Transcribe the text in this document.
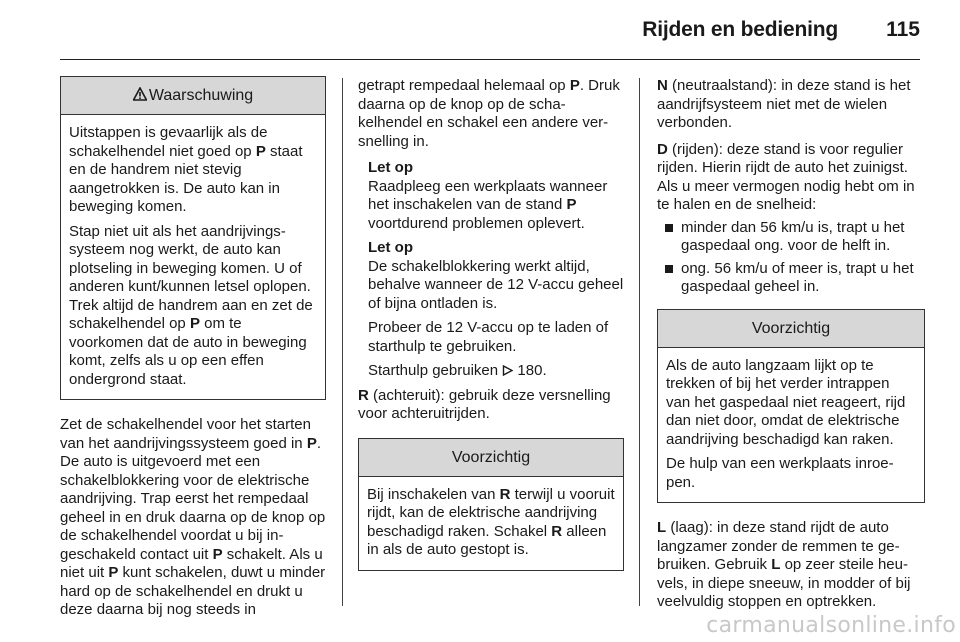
Rijden en bediening 115
Waarschuwing

Uitstappen is gevaarlijk als de schakelhendel niet goed op P staat en de handrem niet stevig aangetrokken is. De auto kan in beweging komen.

Stap niet uit als het aandrijvingssysteem nog werkt, de auto kan plotseling in beweging komen. U of anderen kunt/kunnen letsel oplopen. Trek altijd de handrem aan en zet de schakelhendel op P om te voorkomen dat de auto in beweging komt, zelfs als u op een effen ondergrond staat.

Zet de schakelhendel voor het starten van het aandrijvingssysteem goed in P. De auto is uitgevoerd met een schakelblokkering voor de elektrische aandrijving. Trap eerst het rempedaal geheel in en druk daarna op de knop op de schakelhendel voordat u bij ingeschakeld contact uit P schakelt. Als u niet uit P kunt schakelen, duwt u minder hard op de schakelhendel en drukt u deze daarna bij nog steeds in

getrapt rempedaal helemaal op P. Druk daarna op de knop op de schakelhendel en schakel een andere versnelling in.

Let op
Raadpleeg een werkplaats wanneer het inschakelen van de stand P voortdurend problemen oplevert.
Let op

De schakelblokkering werkt altijd, behalve wanneer de 12 V-accu geheel of bijna ontladen is.

Probeer de 12 V-accu op te laden of starthulp te gebruiken.

Starthulp gebruiken  180.

R (achteruit): gebruik deze versnelling voor achteruitrijden.

Voorzichtig

Bij inschakelen van R terwijl u vooruit rijdt, kan de elektrische aandrijving beschadigd raken. Schakel R alleen in als de auto gestopt is.

N (neutraalstand): in deze stand is het aandrijfsysteem niet met de wielen verbonden.

D (rijden): deze stand is voor regulier rijden. Hierin rijdt de auto het zuinigst. Als u meer vermogen nodig hebt om in te halen en de snelheid:

minder dan 56 km/u is, trapt u het gaspedaal ong. voor de helft in.
ong. 56 km/u of meer is, trapt u het gaspedaal geheel in.
Voorzichtig

Als de auto langzaam lijkt op te trekken of bij het verder intrappen van het gaspedaal niet reageert, rijd dan niet door, omdat de elektrische aandrijving beschadigd kan raken.

De hulp van een werkplaats inroepen.

L (laag): in deze stand rijdt de auto langzamer zonder de remmen te gebruiken. Gebruik L op zeer steile heuvels, in diepe sneeuw, in modder of bij veelvuldig stoppen en optrekken.

carmanualsonline.info
